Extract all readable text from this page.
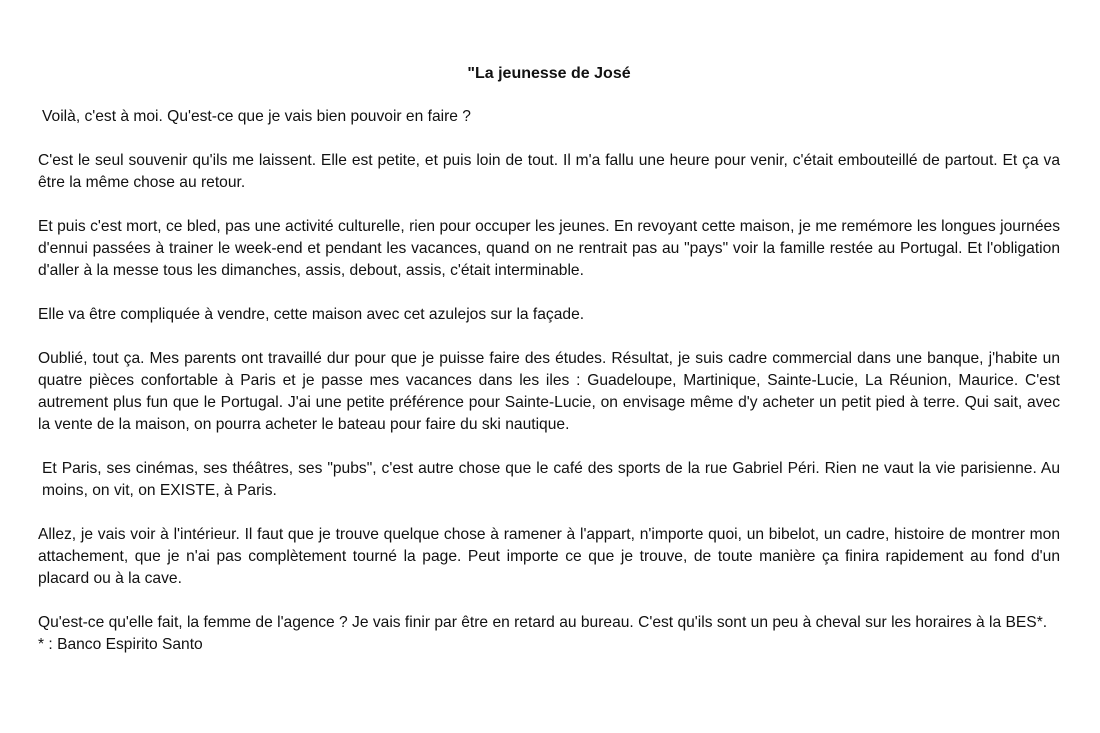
"La jeunesse de José

Voilà, c'est à moi. Qu'est-ce que je vais bien pouvoir en faire ?

C'est le seul souvenir qu'ils me laissent. Elle est petite, et puis loin de tout. Il m'a fallu une heure pour venir, c'était embouteillé de partout. Et ça va être la même chose au retour.

Et puis c'est mort, ce bled, pas une activité culturelle, rien pour occuper les jeunes. En revoyant cette maison, je me remémore les longues journées d'ennui passées à trainer le week-end et pendant les vacances, quand on ne rentrait pas au "pays" voir la famille restée au Portugal. Et l'obligation d'aller à la messe tous les dimanches, assis, debout, assis, c'était interminable.

Elle va être compliquée à vendre, cette maison avec cet azulejos sur la façade.

Oublié, tout ça. Mes parents ont travaillé dur pour que je puisse faire des études. Résultat, je suis cadre commercial dans une banque, j'habite un quatre pièces confortable à Paris et je passe mes vacances dans les iles : Guadeloupe, Martinique, Sainte-Lucie, La Réunion, Maurice. C'est autrement plus fun que le Portugal. J'ai une petite préférence pour Sainte-Lucie, on envisage même d'y acheter un petit pied à terre. Qui sait, avec la vente de la maison, on pourra acheter le bateau pour faire du ski nautique.

Et Paris, ses cinémas, ses théâtres, ses "pubs", c'est autre chose que le café des sports de la rue Gabriel Péri. Rien ne vaut la vie parisienne. Au moins, on vit, on EXISTE, à Paris.

Allez, je vais voir à l'intérieur. Il faut que je trouve quelque chose à ramener à l'appart, n'importe quoi, un bibelot, un cadre, histoire de montrer mon attachement, que je n'ai pas complètement tourné la page. Peut importe ce que je trouve, de toute manière ça finira rapidement au fond d'un placard ou à la cave.

Qu'est-ce qu'elle fait, la femme de l'agence ? Je vais finir par être en retard au bureau. C'est qu'ils sont un peu à cheval sur les horaires à la BES*.

* : Banco Espirito Santo
